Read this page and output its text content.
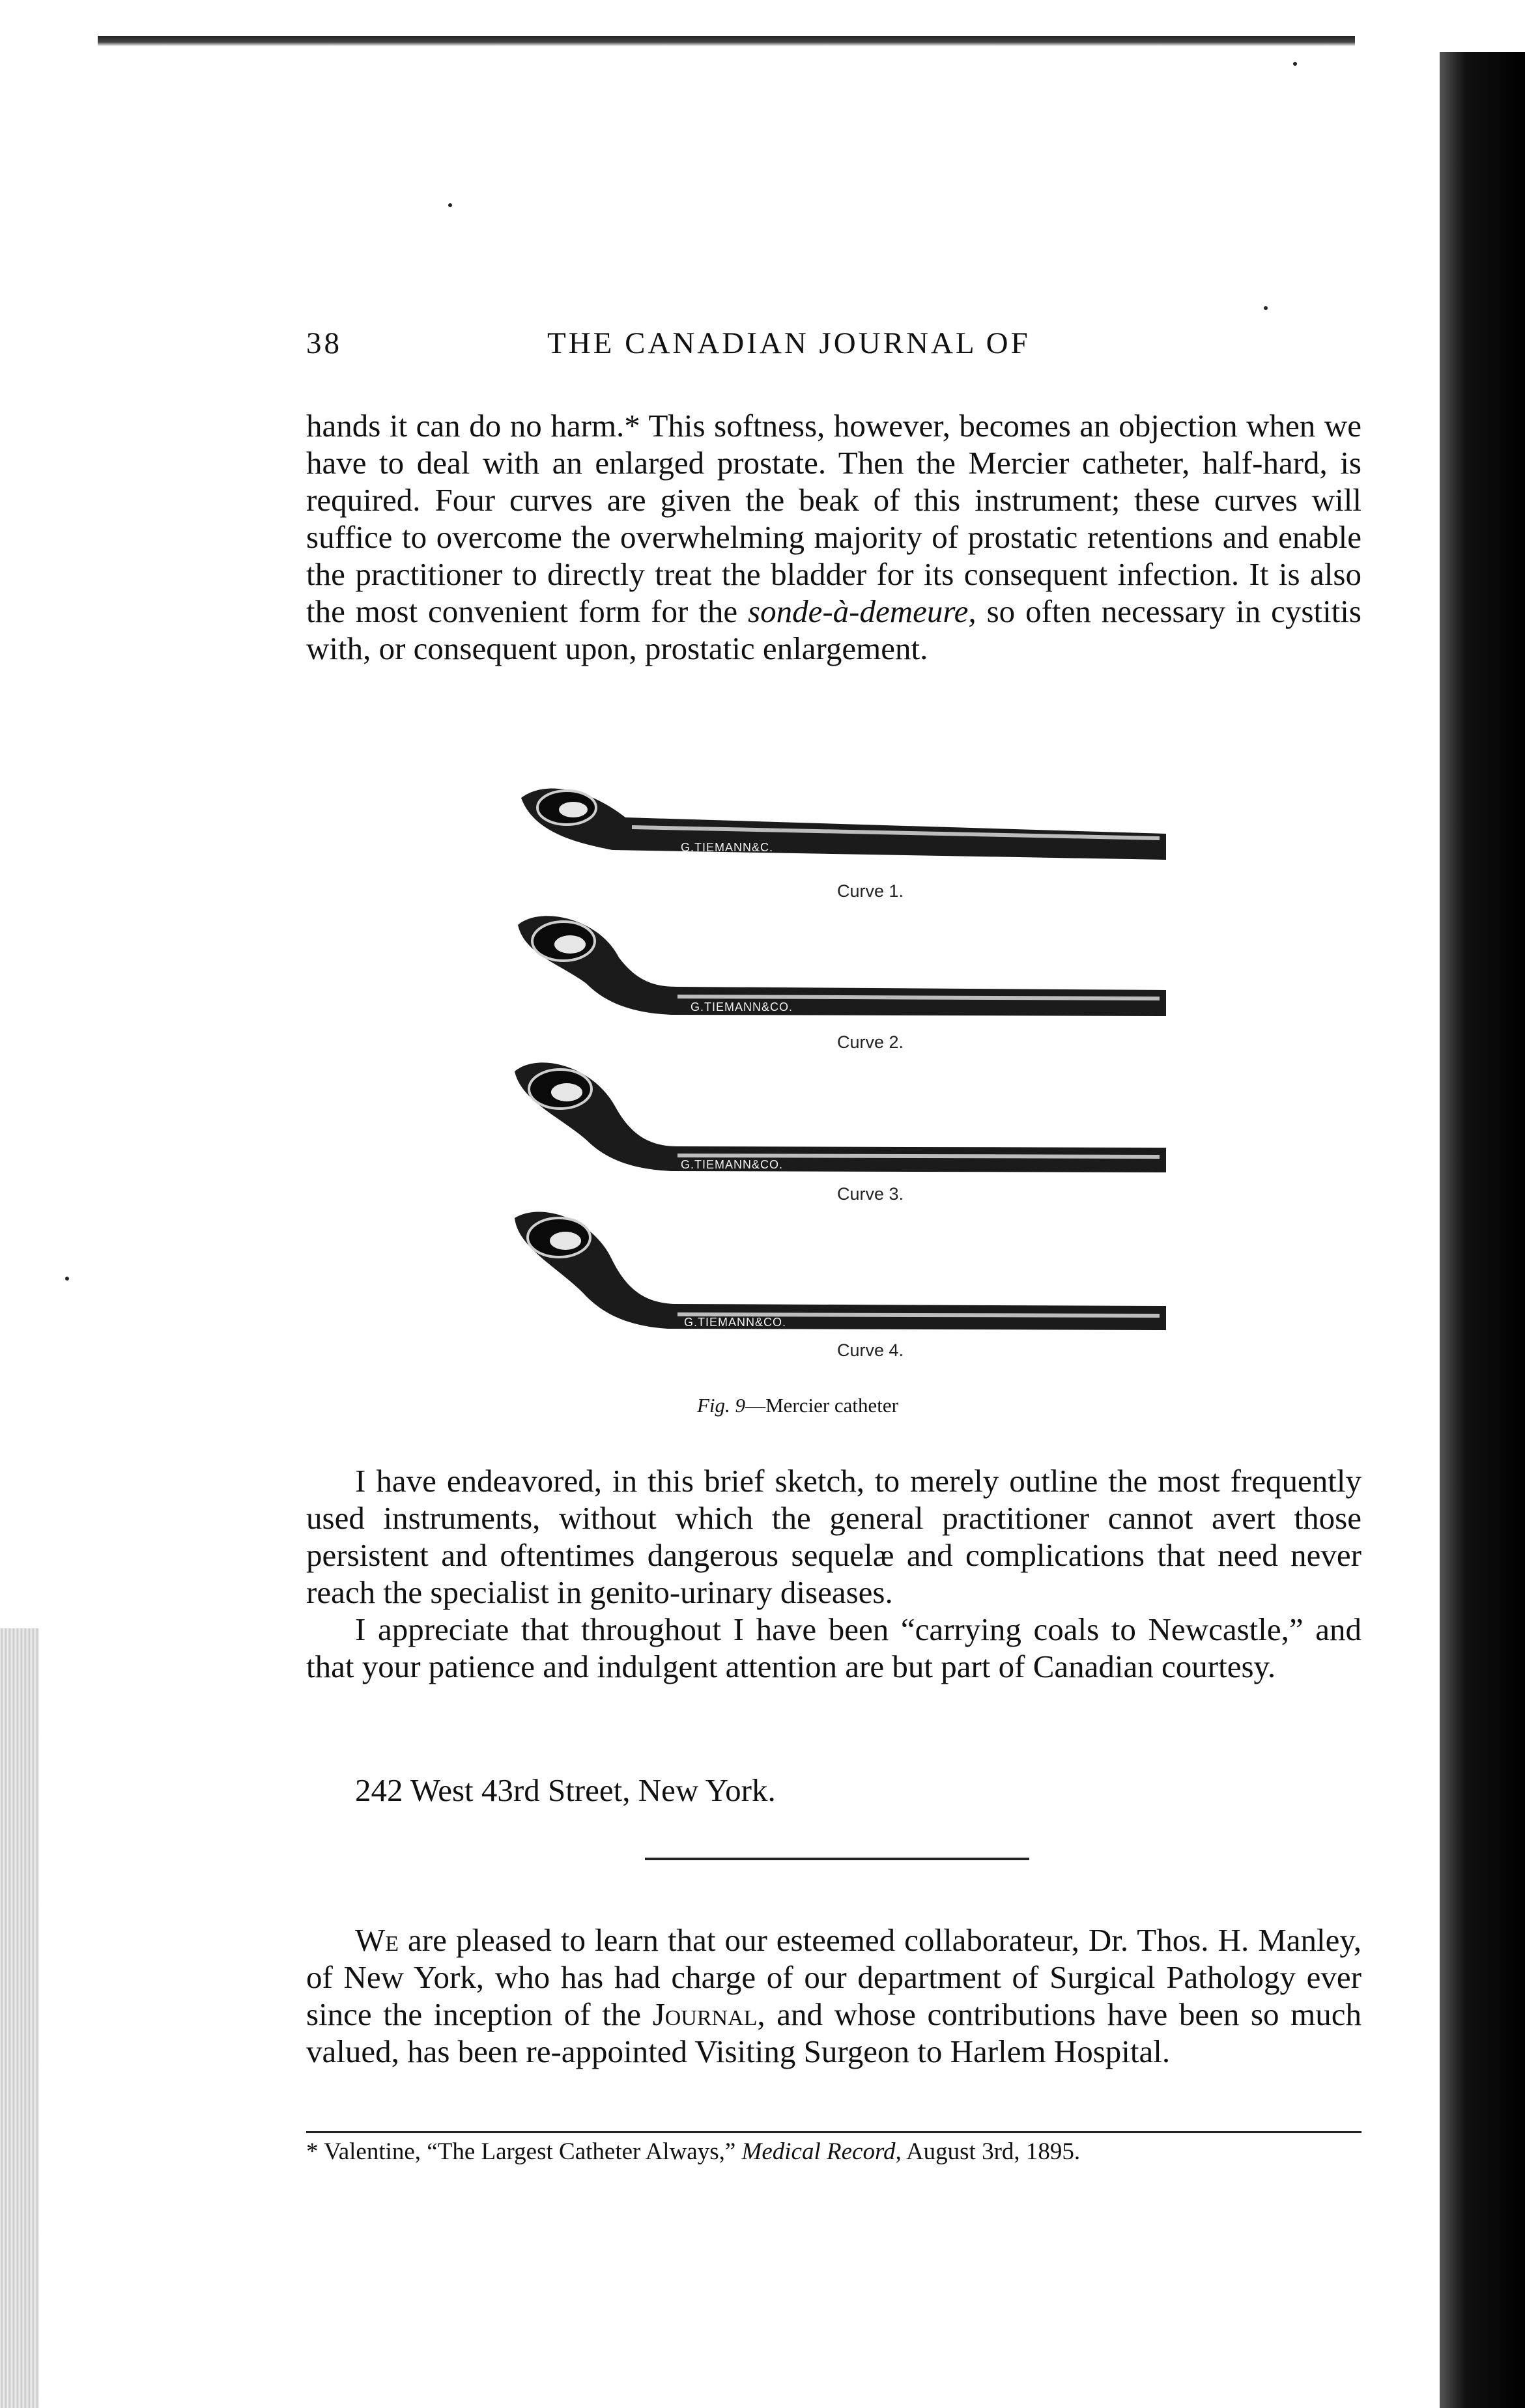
38	THE CANADIAN JOURNAL OF

hands it can do no harm.* This softness, however, becomes an objection when we have to deal with an enlarged prostate. Then the Mercier catheter, half-hard, is required. Four curves are given the beak of this instrument; these curves will suffice to overcome the overwhelming majority of prostatic retentions and enable the practitioner to directly treat the bladder for its consequent infection. It is also the most convenient form for the sonde-à-demeure, so often necessary in cystitis with, or consequent upon, prostatic enlargement.

G.TIEMANN&C.
Curve 1.
G.TIEMANN&CO.
Curve 2.
G.TIEMANN&CO.
Curve 3.
G.TIEMANN&CO.
Curve 4.
Fig. 9—Mercier catheter

I have endeavored, in this brief sketch, to merely outline the most frequently used instruments, without which the general practitioner cannot avert those persistent and oftentimes dangerous sequelæ and complications that need never reach the specialist in genito-urinary diseases.

I appreciate that throughout I have been “carrying coals to Newcastle,” and that your patience and indulgent attention are but part of Canadian courtesy.

242 West 43rd Street, New York.

We are pleased to learn that our esteemed collaborateur, Dr. Thos. H. Manley, of New York, who has had charge of our department of Surgical Pathology ever since the inception of the Journal, and whose contributions have been so much valued, has been re-appointed Visiting Surgeon to Harlem Hospital.

* Valentine, “The Largest Catheter Always,” Medical Record, August 3rd, 1895.
